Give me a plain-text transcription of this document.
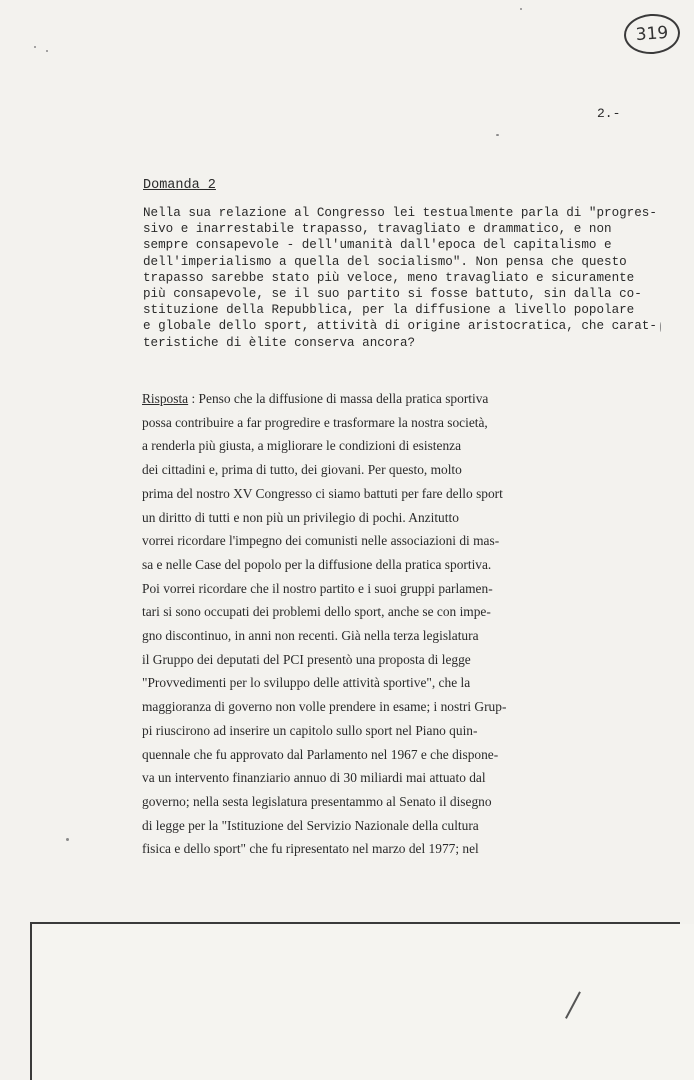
319
2.-
Domanda 2

Nella sua relazione al Congresso lei testualmente parla di "progres-
sivo e inarrestabile trapasso, travagliato e drammatico, e non
sempre consapevole - dell'umanità dall'epoca del capitalismo e
dell'imperialismo a quella del socialismo". Non pensa che questo
trapasso sarebbe stato più veloce, meno travagliato e sicuramente
più consapevole, se il suo partito si fosse battuto, sin dalla co-
stituzione della Repubblica, per la diffusione a livello popolare
e globale dello sport, attività di origine aristocratica, che carat-
teristiche di èlite conserva ancora?

Risposta : Penso che la diffusione di massa della pratica sportiva
possa contribuire a far progredire e trasformare la nostra società,
a renderla più giusta, a migliorare le condizioni di esistenza
dei cittadini e, prima di tutto, dei giovani. Per questo, molto
prima del nostro XV Congresso ci siamo battuti per fare dello sport
un diritto di tutti e non più un privilegio di pochi. Anzitutto
vorrei ricordare l'impegno dei comunisti nelle associazioni di mas-
sa e nelle Case del popolo per la diffusione della pratica sportiva.
Poi vorrei ricordare che il nostro partito e i suoi gruppi parlamen-
tari si sono occupati dei problemi dello sport, anche se con impe-
gno discontinuo, in anni non recenti. Già nella terza legislatura
il Gruppo dei deputati del PCI presentò una proposta di legge
"Provvedimenti per lo sviluppo delle attività sportive", che la
maggioranza di governo non volle prendere in esame; i nostri Grup-
pi riuscirono ad inserire un capitolo sullo sport nel Piano quin-
quennale che fu approvato dal Parlamento nel 1967 e che dispone-
va un intervento finanziario annuo di 30 miliardi mai attuato dal
governo; nella sesta legislatura presentammo al Senato il disegno
di legge per la "Istituzione del Servizio Nazionale della cultura
fisica e dello sport" che fu ripresentato nel marzo del 1977; nel
